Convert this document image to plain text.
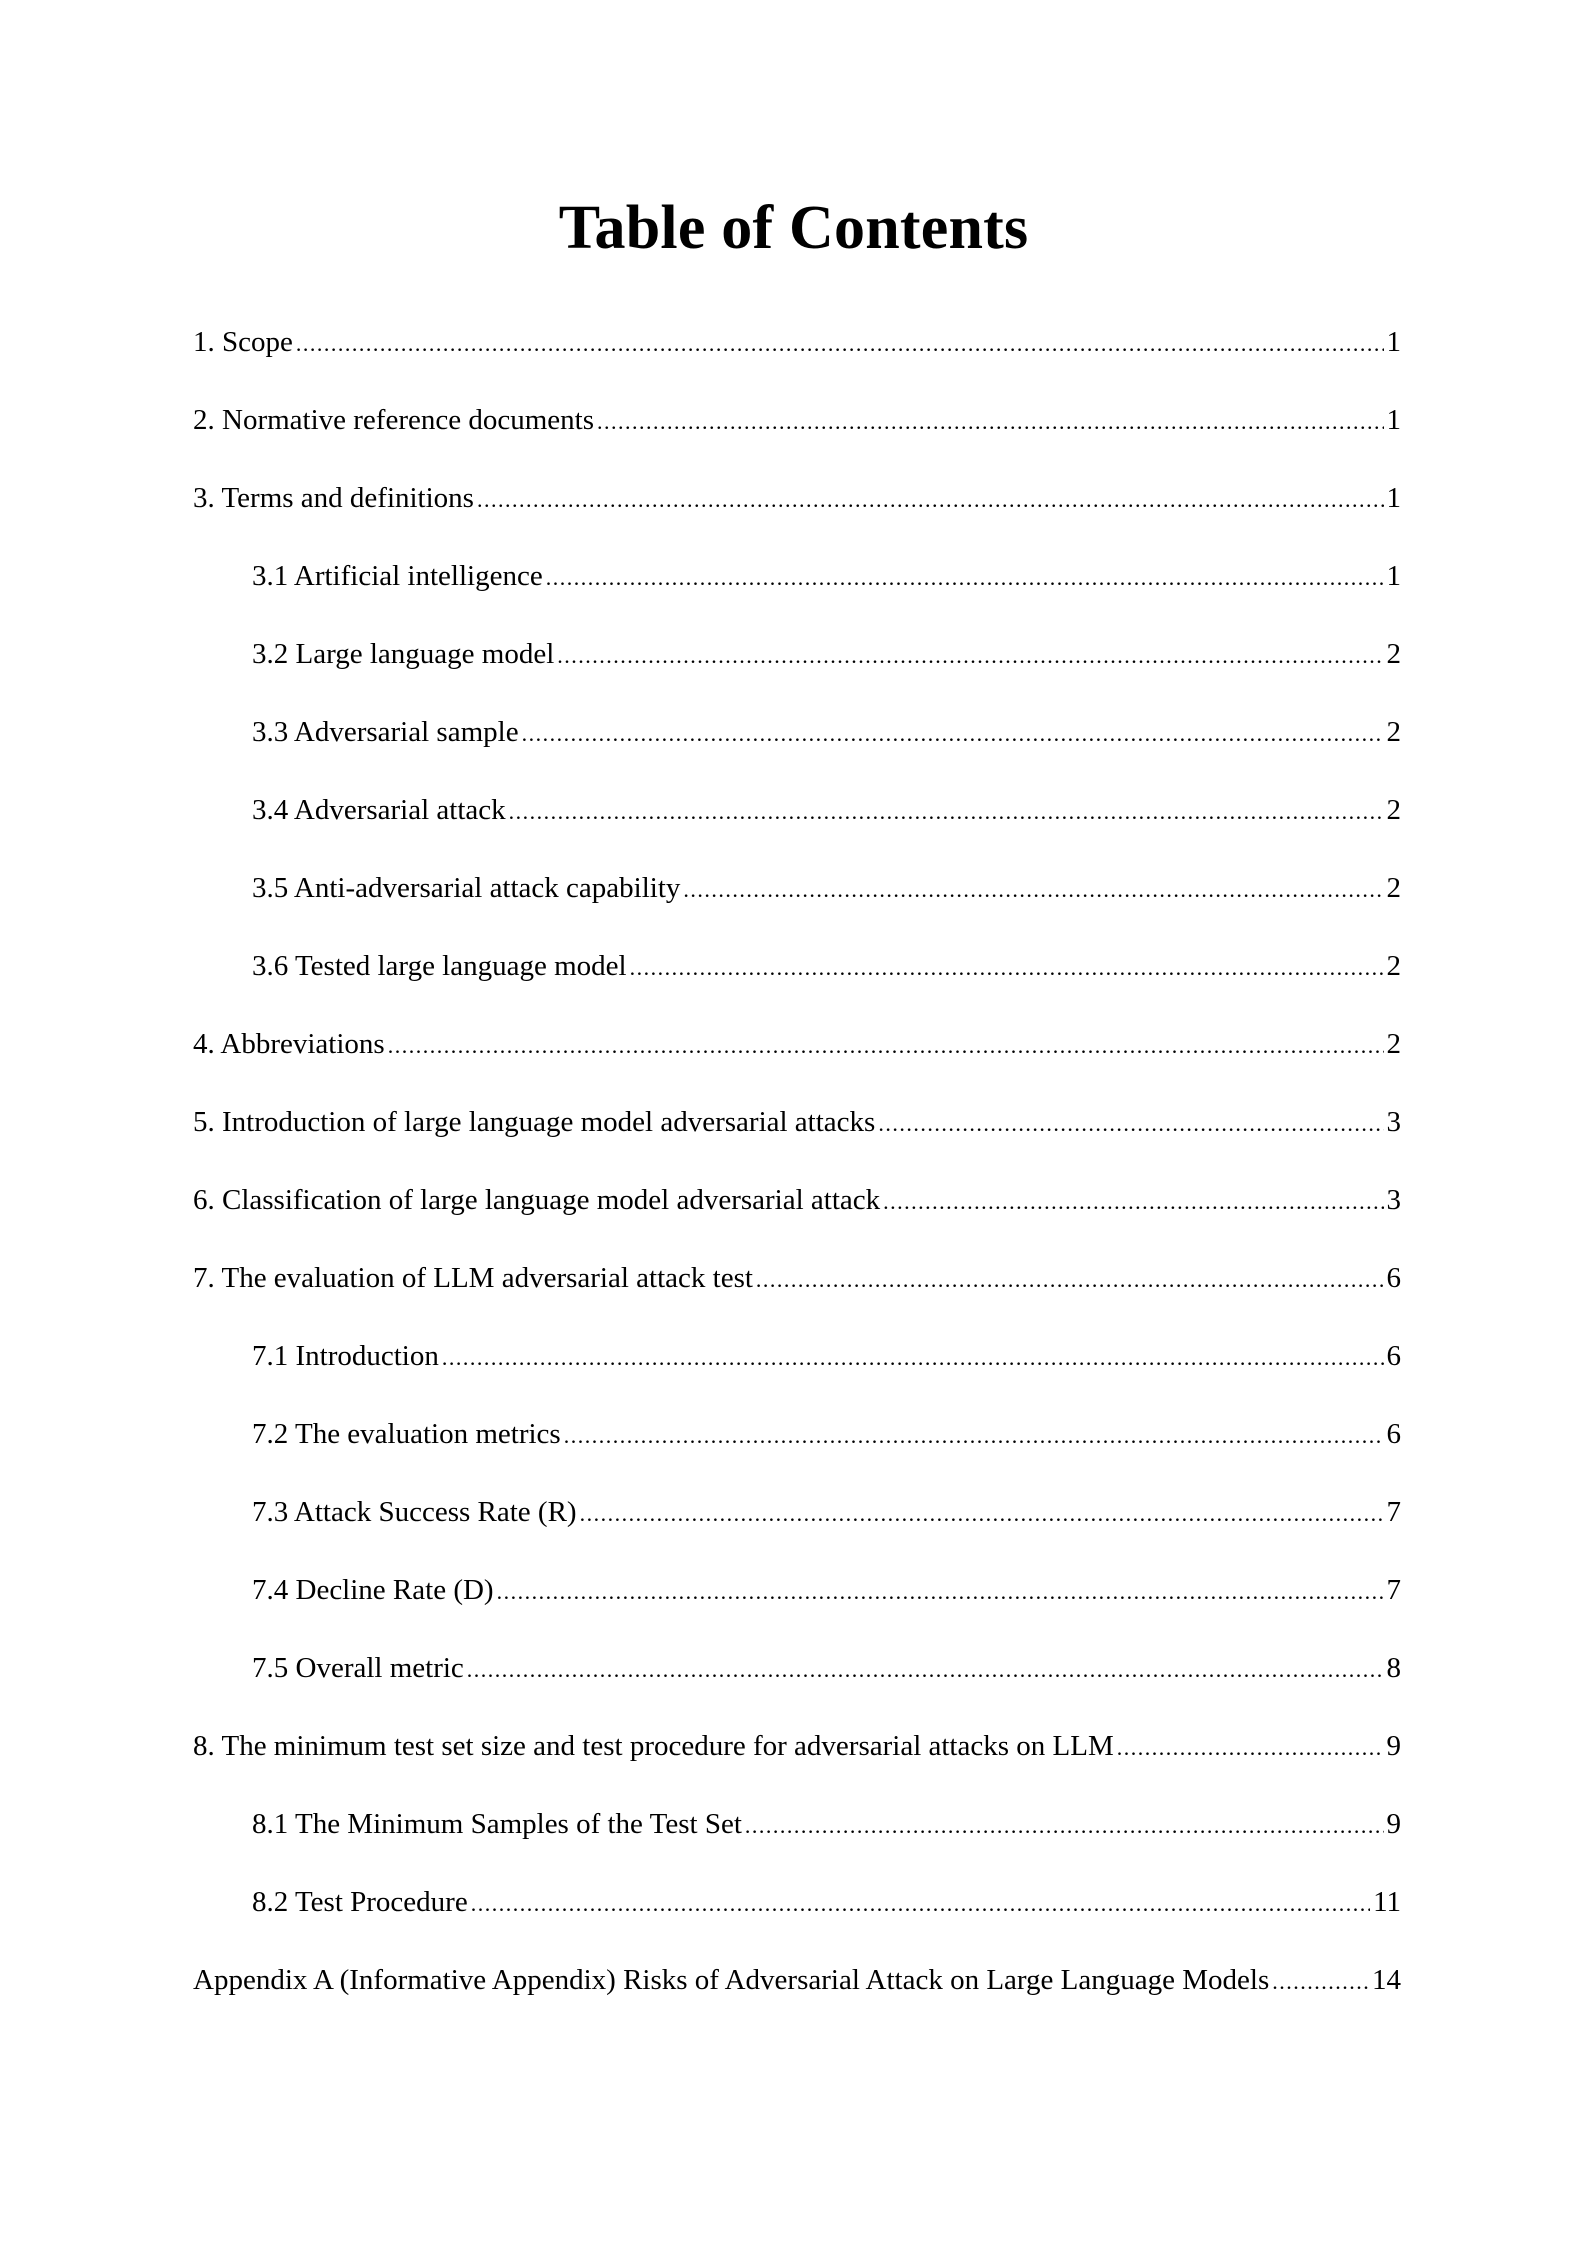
Table of Contents
1. Scope .....	1
2. Normative reference documents .....	1
3. Terms and definitions .....	1
3.1 Artificial intelligence .....	1
3.2 Large language model .....	2
3.3 Adversarial sample .....	2
3.4 Adversarial attack .....	2
3.5 Anti-adversarial attack capability .....	2
3.6 Tested large language model .....	2
4. Abbreviations .....	2
5. Introduction of large language model adversarial attacks .....	3
6. Classification of large language model adversarial attack .....	3
7. The evaluation of LLM adversarial attack test .....	6
7.1 Introduction .....	6
7.2 The evaluation metrics .....	6
7.3 Attack Success Rate (R) .....	7
7.4 Decline Rate (D) .....	7
7.5 Overall metric .....	8
8. The minimum test set size and test procedure for adversarial attacks on LLM .....	9
8.1 The Minimum Samples of the Test Set .....	9
8.2 Test Procedure .....	11
Appendix A (Informative Appendix) Risks of Adversarial Attack on Large Language Models .....	14
